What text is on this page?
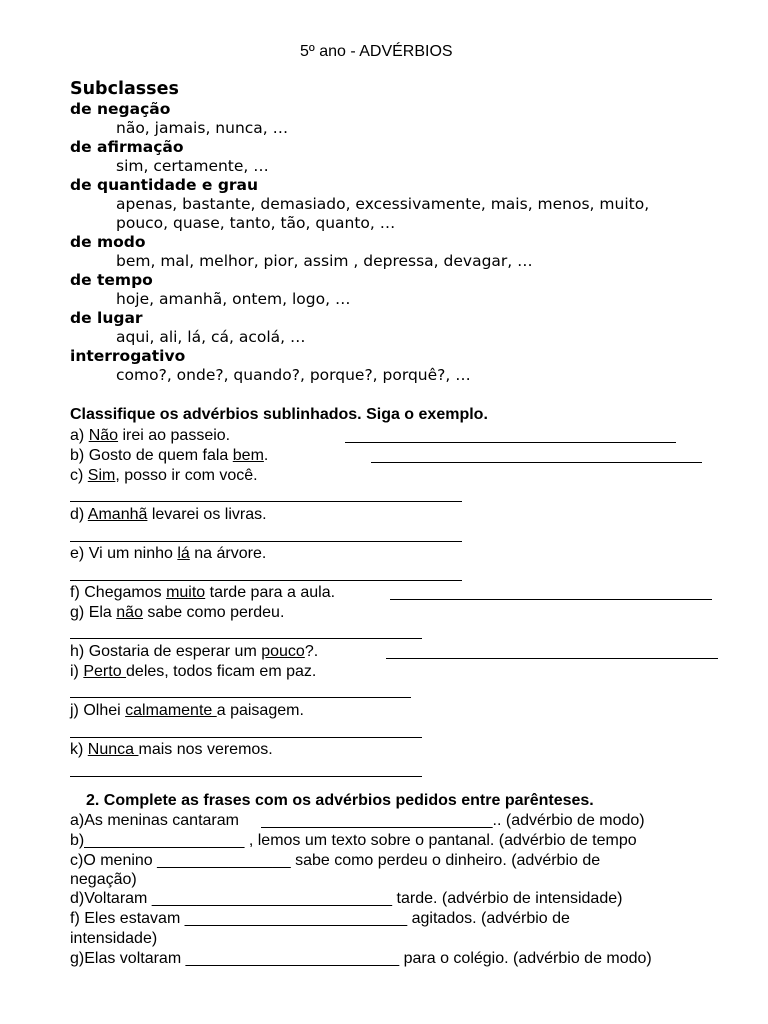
5º ano - ADVÉRBIOS
Subclasses
de negação
não, jamais, nunca, …
de afirmação
sim, certamente, …
de quantidade e grau
apenas, bastante, demasiado, excessivamente, mais, menos, muito,
pouco, quase, tanto, tão, quanto, …
de modo
bem, mal, melhor, pior, assim , depressa, devagar, …
de tempo
hoje, amanhã, ontem, logo, …
de lugar
aqui, ali, lá, cá, acolá, …
interrogativo
como?, onde?, quando?, porque?, porquê?, …
Classifique os advérbios sublinhados. Siga o exemplo.
a) Não irei ao passeio.
b) Gosto de quem fala bem.
c) Sim, posso ir com você.
d) Amanhã levarei os livras.
e) Vi um ninho lá na árvore.
f) Chegamos muito tarde para a aula.
g) Ela não sabe como perdeu.
h) Gostaria de esperar um pouco?.
i) Perto deles, todos ficam em paz.
j) Olhei calmamente a paisagem.
k) Nunca mais nos veremos.
2. Complete as frases com os advérbios pedidos entre parênteses.
a)As meninas cantaram     __________________________.. (advérbio de modo)
b)__________________ , lemos um texto sobre o pantanal. (advérbio de tempo
c)O menino _______________ sabe como perdeu o dinheiro. (advérbio de
negação)
d)Voltaram ___________________________ tarde. (advérbio de intensidade)
f) Eles estavam _________________________ agitados. (advérbio de
intensidade)
g)Elas voltaram ________________________ para o colégio. (advérbio de modo)
